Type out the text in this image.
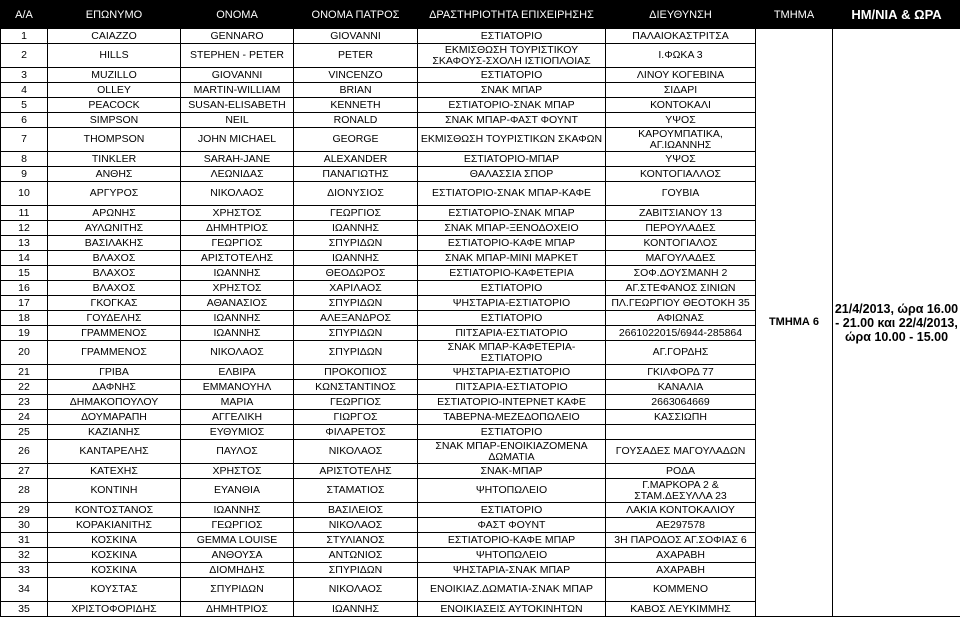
Α/Α	ΕΠΩΝΥΜΟ	ΟΝΟΜΑ	ΟΝΟΜΑ ΠΑΤΡΟΣ	ΔΡΑΣΤΗΡΙΟΤΗΤΑ ΕΠΙΧΕΙΡΗΣΗΣ	ΔΙΕΥΘΥΝΣΗ	ΤΜΗΜΑ	ΗΜ/ΝΙΑ & ΩΡΑ
1	CAIAZZO	GENNARO	GIOVANNI	ΕΣΤΙΑΤΟΡΙΟ	ΠΑΛΑΙΟΚΑΣΤΡΙΤΣΑ	ΤΜΗΜΑ 6	21/4/2013, ώρα 16.00 - 21.00 και 22/4/2013, ώρα 10.00 - 15.00
2	HILLS	STEPHEN - PETER	PETER	ΕΚΜΙΣΘΩΣΗ ΤΟΥΡΙΣΤΙΚΟΥ ΣΚΑΦΟΥΣ-ΣΧΟΛΗ ΙΣΤΙΟΠΛΟΙΑΣ	Ι.ΦΩΚΑ 3		
3	MUZILLO	GIOVANNI	VINCENZO	ΕΣΤΙΑΤΟΡΙΟ	ΛΙΝΟΥ ΚΟΓΕΒΙΝΑ		
4	OLLEY	MARTIN-WILLIAM	BRIAN	ΣΝΑΚ ΜΠΑΡ	ΣΙΔΑΡΙ		
5	PEACOCK	SUSAN-ELISABETH	KENNETH	ΕΣΤΙΑΤΟΡΙΟ-ΣΝΑΚ ΜΠΑΡ	ΚΟΝΤΟΚΑΛΙ		
6	SIMPSON	NEIL	RONALD	ΣΝΑΚ ΜΠΑΡ-ΦΑΣΤ ΦΟΥΝΤ	ΥΨΟΣ		
7	THOMPSON	JOHN MICHAEL	GEORGE	ΕΚΜΙΣΘΩΣΗ ΤΟΥΡΙΣΤΙΚΩΝ ΣΚΑΦΩΝ	ΚΑΡΟΥΜΠΑΤΙΚΑ, ΑΓ.ΙΩΑΝΝΗΣ		
8	TINKLER	SARAH-JANE	ALEXANDER	ΕΣΤΙΑΤΟΡΙΟ-ΜΠΑΡ	ΥΨΟΣ		
9	ΑΝΘΗΣ	ΛΕΩΝΙΔΑΣ	ΠΑΝΑΓΙΩΤΗΣ	ΘΑΛΑΣΣΙΑ ΣΠΟΡ	ΚΟΝΤΟΓΙΑΛΛΟΣ		
10	ΑΡΓΥΡΟΣ	ΝΙΚΟΛΑΟΣ	ΔΙΟΝΥΣΙΟΣ	ΕΣΤΙΑΤΟΡΙΟ-ΣΝΑΚ ΜΠΑΡ-ΚΑΦΕ	ΓΟΥΒΙΑ		
11	ΑΡΩΝΗΣ	ΧΡΗΣΤΟΣ	ΓΕΩΡΓΙΟΣ	ΕΣΤΙΑΤΟΡΙΟ-ΣΝΑΚ ΜΠΑΡ	ΖΑΒΙΤΣΙΑΝΟΥ 13		
12	ΑΥΛΩΝΙΤΗΣ	ΔΗΜΗΤΡΙΟΣ	ΙΩΑΝΝΗΣ	ΣΝΑΚ ΜΠΑΡ-ΞΕΝΟΔΟΧΕΙΟ	ΠΕΡΟΥΛΑΔΕΣ		
13	ΒΑΣΙΛΑΚΗΣ	ΓΕΩΡΓΙΟΣ	ΣΠΥΡΙΔΩΝ	ΕΣΤΙΑΤΟΡΙΟ-ΚΑΦΕ ΜΠΑΡ	ΚΟΝΤΟΓΙΑΛΟΣ		
14	ΒΛΑΧΟΣ	ΑΡΙΣΤΟΤΕΛΗΣ	ΙΩΑΝΝΗΣ	ΣΝΑΚ ΜΠΑΡ-ΜΙΝΙ ΜΑΡΚΕΤ	ΜΑΓΟΥΛΑΔΕΣ		
15	ΒΛΑΧΟΣ	ΙΩΑΝΝΗΣ	ΘΕΟΔΩΡΟΣ	ΕΣΤΙΑΤΟΡΙΟ-ΚΑΦΕΤΕΡΙΑ	ΣΟΦ.ΔΟΥΣΜΑΝΗ 2		
16	ΒΛΑΧΟΣ	ΧΡΗΣΤΟΣ	ΧΑΡΙΛΑΟΣ	ΕΣΤΙΑΤΟΡΙΟ	ΑΓ.ΣΤΕΦΑΝΟΣ ΣΙΝΙΩΝ		
17	ΓΚΟΓΚΑΣ	ΑΘΑΝΑΣΙΟΣ	ΣΠΥΡΙΔΩΝ	ΨΗΣΤΑΡΙΑ-ΕΣΤΙΑΤΟΡΙΟ	ΠΛ.ΓΕΩΡΓΙΟΥ ΘΕΟΤΟΚΗ 35		
18	ΓΟΥΔΕΛΗΣ	ΙΩΑΝΝΗΣ	ΑΛΕΞΑΝΔΡΟΣ	ΕΣΤΙΑΤΟΡΙΟ	ΑΦΙΩΝΑΣ		
19	ΓΡΑΜΜΕΝΟΣ	ΙΩΑΝΝΗΣ	ΣΠΥΡΙΔΩΝ	ΠΙΤΣΑΡΙΑ-ΕΣΤΙΑΤΟΡΙΟ	2661022015/6944-285864		
20	ΓΡΑΜΜΕΝΟΣ	ΝΙΚΟΛΑΟΣ	ΣΠΥΡΙΔΩΝ	ΣΝΑΚ ΜΠΑΡ-ΚΑΦΕΤΕΡΙΑ-ΕΣΤΙΑΤΟΡΙΟ	ΑΓ.ΓΟΡΔΗΣ		
21	ΓΡΙΒΑ	ΕΛΒΙΡΑ	ΠΡΟΚΟΠΙΟΣ	ΨΗΣΤΑΡΙΑ-ΕΣΤΙΑΤΟΡΙΟ	ΓΚΙΛΦΟΡΔ 77		
22	ΔΑΦΝΗΣ	ΕΜΜΑΝΟΥΗΛ	ΚΩΝΣΤΑΝΤΙΝΟΣ	ΠΙΤΣΑΡΙΑ-ΕΣΤΙΑΤΟΡΙΟ	ΚΑΝΑΛΙΑ		
23	ΔΗΜΑΚΟΠΟΥΛΟΥ	ΜΑΡΙΑ	ΓΕΩΡΓΙΟΣ	ΕΣΤΙΑΤΟΡΙΟ-ΙΝΤΕΡΝΕΤ ΚΑΦΕ	2663064669		
24	ΔΟΥΜΑΡΑΠΗ	ΑΓΓΕΛΙΚΗ	ΓΙΩΡΓΟΣ	ΤΑΒΕΡΝΑ-ΜΕΖΕΔΟΠΩΛΕΙΟ	ΚΑΣΣΙΩΠΗ		
25	ΚΑΖΙΑΝΗΣ	ΕΥΘΥΜΙΟΣ	ΦΙΛΑΡΕΤΟΣ	ΕΣΤΙΑΤΟΡΙΟ			
26	ΚΑΝΤΑΡΕΛΗΣ	ΠΑΥΛΟΣ	ΝΙΚΟΛΑΟΣ	ΣΝΑΚ ΜΠΑΡ-ΕΝΟΙΚΙΑΖΟΜΕΝΑ ΔΩΜΑΤΙΑ	ΓΟΥΣΑΔΕΣ ΜΑΓΟΥΛΑΔΩΝ		
27	ΚΑΤΕΧΗΣ	ΧΡΗΣΤΟΣ	ΑΡΙΣΤΟΤΕΛΗΣ	ΣΝΑΚ-ΜΠΑΡ	ΡΟΔΑ		
28	ΚΟΝΤΙΝΗ	ΕΥΑΝΘΙΑ	ΣΤΑΜΑΤΙΟΣ	ΨΗΤΟΠΩΛΕΙΟ	Γ.ΜΑΡΚΟΡΑ 2 & ΣΤΑΜ.ΔΕΣΥΛΛΑ 23		
29	ΚΟΝΤΟΣΤΑΝΟΣ	ΙΩΑΝΝΗΣ	ΒΑΣΙΛΕΙΟΣ	ΕΣΤΙΑΤΟΡΙΟ	ΛΑΚΙΑ ΚΟΝΤΟΚΑΛΙΟΥ		
30	ΚΟΡΑΚΙΑΝΙΤΗΣ	ΓΕΩΡΓΙΟΣ	ΝΙΚΟΛΑΟΣ	ΦΑΣΤ ΦΟΥΝΤ	ΑΕ297578		
31	ΚΟΣΚΙΝΑ	GEMMA LOUISE	ΣΤΥΛΙΑΝΟΣ	ΕΣΤΙΑΤΟΡΙΟ-ΚΑΦΕ ΜΠΑΡ	3Η ΠΑΡΟΔΟΣ ΑΓ.ΣΟΦΙΑΣ 6		
32	ΚΟΣΚΙΝΑ	ΑΝΘΟΥΣΑ	ΑΝΤΩΝΙΟΣ	ΨΗΤΟΠΩΛΕΙΟ	ΑΧΑΡΑΒΗ		
33	ΚΟΣΚΙΝΑ	ΔΙΟΜΗΔΗΣ	ΣΠΥΡΙΔΩΝ	ΨΗΣΤΑΡΙΑ-ΣΝΑΚ ΜΠΑΡ	ΑΧΑΡΑΒΗ		
34	ΚΟΥΣΤΑΣ	ΣΠΥΡΙΔΩΝ	ΝΙΚΟΛΑΟΣ	ΕΝΟΙΚΙΑΖ.ΔΩΜΑΤΙΑ-ΣΝΑΚ ΜΠΑΡ	ΚΟΜΜΕΝΟ		
35	ΧΡΙΣΤΟΦΟΡΙΔΗΣ	ΔΗΜΗΤΡΙΟΣ	ΙΩΑΝΝΗΣ	ΕΝΟΙΚΙΑΣΕΙΣ ΑΥΤΟΚΙΝΗΤΩΝ	ΚΑΒΟΣ ΛΕΥΚΙΜΜΗΣ		
